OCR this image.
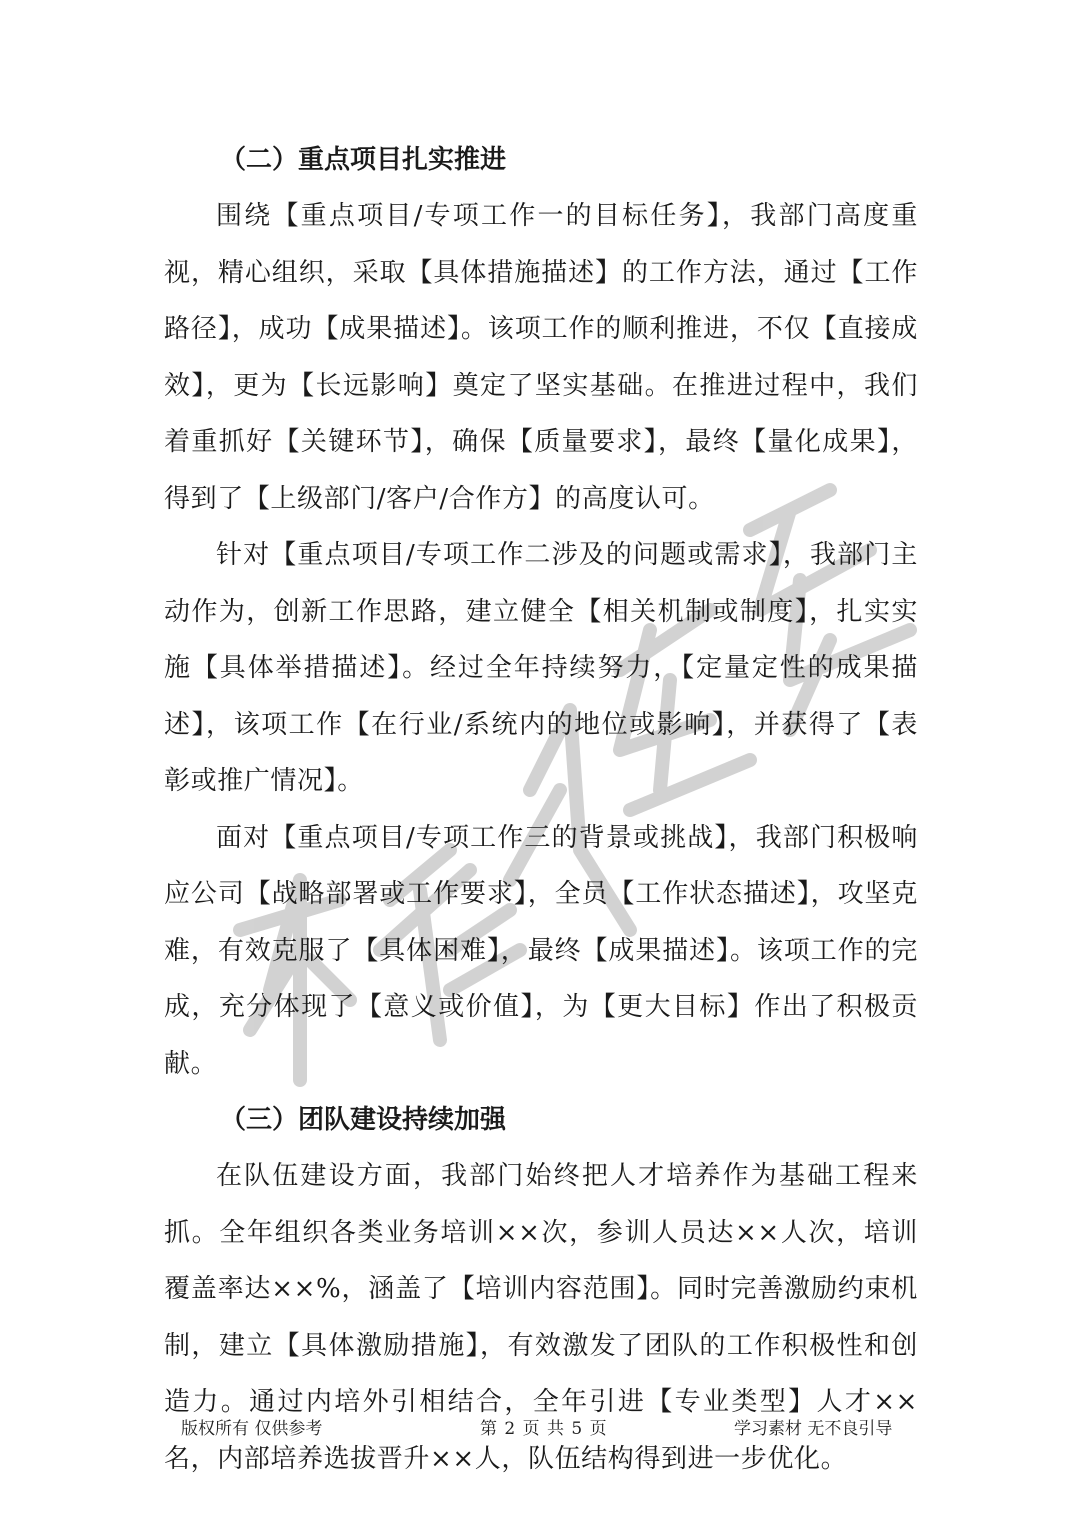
（二）重点项目扎实推进

围绕【重点项目/专项工作一的目标任务】，我部门高度重视，精心组织，采取【具体措施描述】的工作方法，通过【工作路径】，成功【成果描述】。该项工作的顺利推进，不仅【直接成效】，更为【长远影响】奠定了坚实基础。在推进过程中，我们着重抓好【关键环节】，确保【质量要求】，最终【量化成果】，得到了【上级部门/客户/合作方】的高度认可。

针对【重点项目/专项工作二涉及的问题或需求】，我部门主动作为，创新工作思路，建立健全【相关机制或制度】，扎实实施【具体举措描述】。经过全年持续努力，【定量定性的成果描述】，该项工作【在行业/系统内的地位或影响】，并获得了【表彰或推广情况】。

面对【重点项目/专项工作三的背景或挑战】，我部门积极响应公司【战略部署或工作要求】，全员【工作状态描述】，攻坚克难，有效克服了【具体困难】，最终【成果描述】。该项工作的完成，充分体现了【意义或价值】，为【更大目标】作出了积极贡献。

（三）团队建设持续加强

在队伍建设方面，我部门始终把人才培养作为基础工程来抓。全年组织各类业务培训××次，参训人员达××人次，培训覆盖率达××%，涵盖了【培训内容范围】。同时完善激励约束机制，建立【具体激励措施】，有效激发了团队的工作积极性和创造力。通过内培外引相结合，全年引进【专业类型】人才××名，内部培养选拔晋升××人，队伍结构得到进一步优化。

版权所有 仅供参考	第 2 页 共 5 页	学习素材 无不良引导
